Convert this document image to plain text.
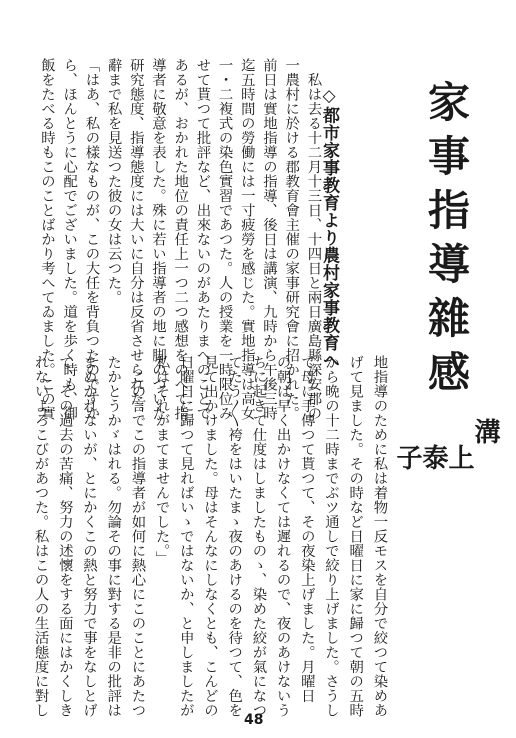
家事指導雜感
溝
上
泰
子
◇都市家事教育より農村家事教育へ
　私は去る十二月十三日、十四日と兩日廣島縣深安郡の
一農村に於ける郡教育會主催の家事研究會に招かれた。
前日は實地指導の指導、後日は講演、九時から午後三時
迄五時間の勞働には一寸疲勞を感じた。實地指導は高女
一・二複式の染色實習であつた。人の授業を一時限位み
せて貰つて批評など、出來ないのがあたりまへのことで
あるが、おかれた地位の責任上一つ二つ感想をのべて指
導者に敬意を表した。殊に若い指導者の地に脚のついた
研究態度、指導態度には大いに自分は反省させられた。
辭まで私を見送つた彼の女は云つた。
「はあ、私の樣なものが、この大任を背負つたのですか
ら、ほんとうに心配でございました。道を歩く時も、御
飯をたべる時もこのことばかり考へてゐました。この實
地指導のために私は着物一反モスを自分で絞つて染めあ
げて見ました。その時など日曜日に家に歸つて朝の五時
から晩の十二時までぶツ通しで絞り上げました。さうし
て母に手傳つて貰つて、その夜染上げました。月曜日
の朝は早く出かけなくては遲れるので、夜のあけないう
ちに起きて仕度はしましたものゝ、染めた絞が氣になつ
てたう〳〵袴をはいたまゝ夜のあけるのを待つて、色を
見て出かけました。母はそんなにしなくとも、こんどの
日曜日に歸つて見ればいゝではないか、と申しましたが
私はそれがまてませんでした。」
　この言でこの指導者が如何に熱心にこのことにあたつ
たかとうかゞはれる。勿論その事に對する是非の批評は
まぬかれないが、とにかくこの熱と努力で事をなしとげ
て、その過去の苦痛、努力の述懷をする面にはかくしき
れないよろこびがあつた。私はこの人の生活態度に對し
48
